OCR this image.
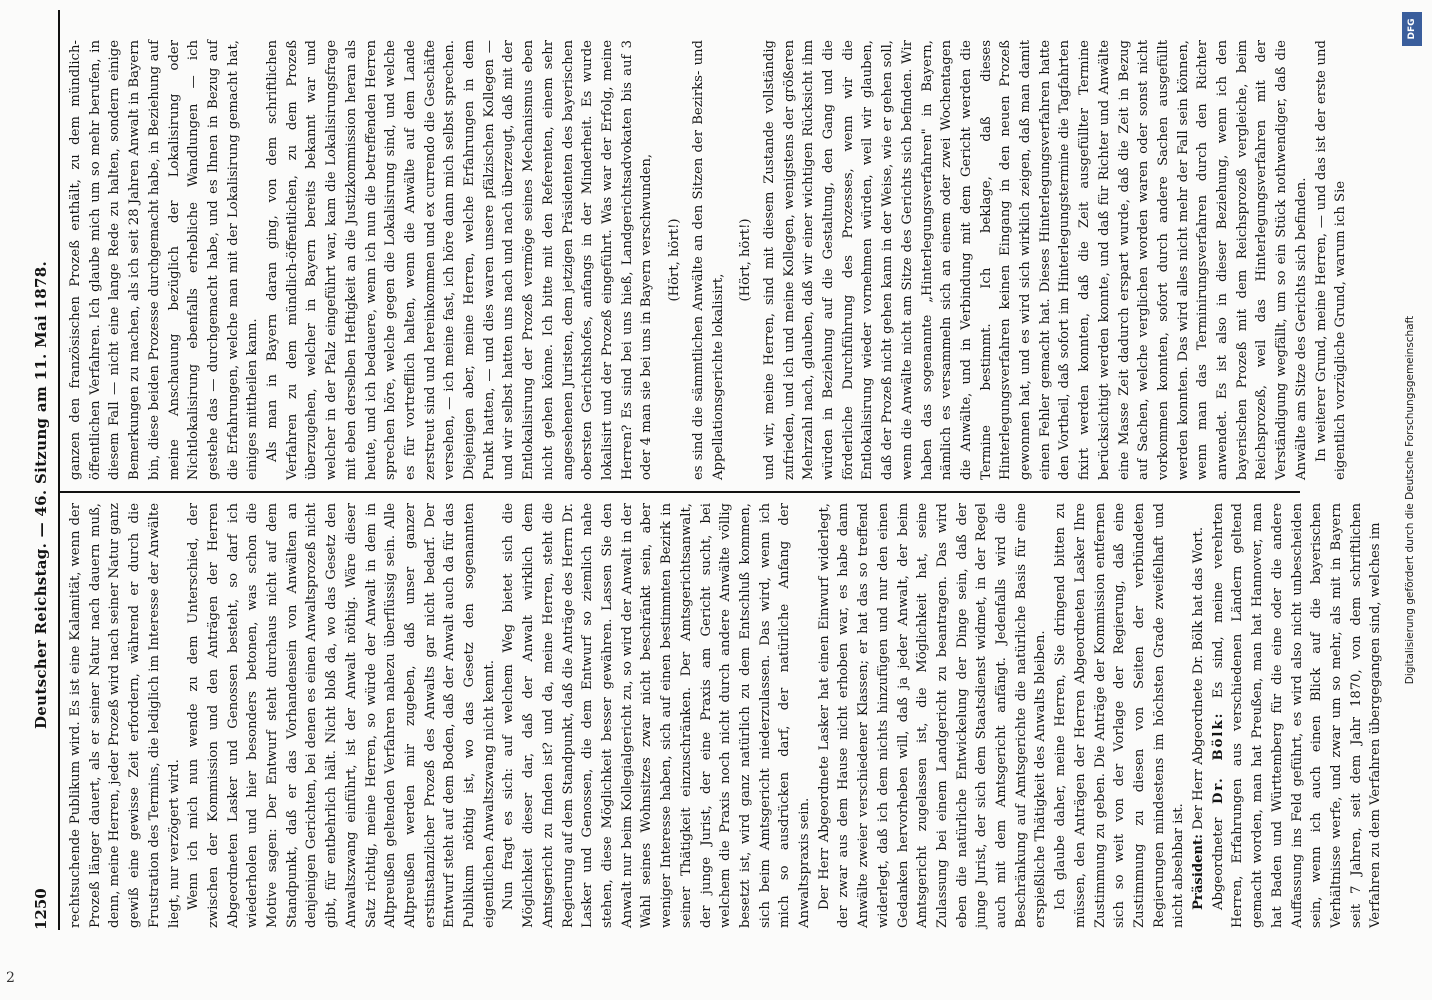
1250
Deutscher Reichstag. — 46. Sitzung am 11. Mai 1878. rechtsuchende Publikum wird. Es ist eine Kalamität, wenn der Prozeß länger dauert, als er seiner Natur nach dauern muß, denn, meine Herren, jeder Prozeß wird nach seiner Natur ganz gewiß eine gewisse Zeit erfordern, während er durch die Frustration des Termins, die lediglich im Interesse der Anwälte liegt, nur verzögert wird. Wenn ich mich nun wende zu dem Unterschied, der zwischen der Kommission und den Anträgen der Herren Abgeordneten Lasker und Genossen besteht, so darf ich wiederholen und hier besonders betonen, was schon die Motive sagen: Der Entwurf steht durchaus nicht auf dem Standpunkt, daß er das Vorhandensein von Anwälten an denjenigen Gerichten, bei denen es einen Anwaltsprozeß nicht gibt, für entbehrlich hält. Nicht bloß da, wo das Gesetz den Anwaltszwang einführt, ist der Anwalt nöthig. Wäre dieser Satz richtig, meine Herren, so würde der Anwalt in dem in Altpreußen geltenden Verfahren nahezu überflüssig sein. Alle Altpreußen werden mir zugeben, daß unser ganzer erstinstanzlicher Prozeß des Anwalts gar nicht bedarf. Der Entwurf steht auf dem Boden, daß der Anwalt auch da für das Publikum nöthig ist, wo das Gesetz den sogenannten eigentlichen Anwaltszwang nicht kennt. Nun fragt es sich: auf welchem Weg bietet sich die Möglichkeit dieser dar, daß der Anwalt wirklich dem Amtsgericht zu finden ist? und da, meine Herren, steht die Regierung auf dem Standpunkt, daß die Anträge des Herrn Dr. Lasker und Genossen, die dem Entwurf so ziemlich nahe stehen, diese Möglichkeit besser gewähren. Lassen Sie den Anwalt nur beim Kollegialgericht zu, so wird der Anwalt in der Wahl seines Wohnsitzes zwar nicht beschränkt sein, aber weniger Interesse haben, sich auf einen bestimmten Bezirk in seiner Thätigkeit einzuschränken. Der Amtsgerichtsanwalt, der junge Jurist, der eine Praxis am Gericht sucht, bei welchem die Praxis noch nicht durch andere Anwälte völlig besetzt ist, wird ganz natürlich zu dem Entschluß kommen, sich beim Amtsgericht niederzulassen. Das wird, wenn ich mich so ausdrücken darf, der natürliche Anfang der Anwaltspraxis sein. Der Herr Abgeordnete Lasker hat einen Einwurf widerlegt, der zwar aus dem Hause nicht erhoben war, es habe dann Anwälte zweier verschiedener Klassen; er hat das so treffend widerlegt, daß ich dem nichts hinzufügen und nur den einen Gedanken hervorheben will, daß ja jeder Anwalt, der beim Amtsgericht zugelassen ist, die Möglichkeit hat, seine Zulassung bei einem Landgericht zu beantragen. Das wird eben die natürliche Entwickelung der Dinge sein, daß der junge Jurist, der sich dem Staatsdienst widmet, in der Regel auch mit dem Amtsgericht anfängt. Jedenfalls wird die Beschränkung auf Amtsgerichte die natürliche Basis für eine erspießliche Thätigkeit des Anwalts bleiben. Ich glaube daher, meine Herren, Sie dringend bitten zu müssen, den Anträgen der Herren Abgeordneten Lasker Ihre Zustimmung zu geben. Die Anträge der Kommission entfernen sich so weit von der Vorlage der Regierung, daß eine Zustimmung zu diesen von Seiten der verbündeten Regierungen mindestens im höchsten Grade zweifelhaft und nicht absehbar ist. Präsident: Der Herr Abgeordnete Dr. Bölk hat das Wort.

Abgeordneter Dr. Bölk: Es sind, meine verehrten Herren, Erfahrungen aus verschiedenen Ländern geltend gemacht worden, man hat Preußen, man hat Hannover, man hat Baden und Württemberg für die eine oder die andere Auffassung ins Feld geführt, es wird also nicht unbescheiden sein, wenn ich auch einen Blick auf die bayerischen Verhältnisse werfe, und zwar um so mehr, als mit in Bayern seit 7 Jahren, seit dem Jahr 1870, von dem schriftlichen Verfahren zu dem Verfahren übergegangen sind, welches im

ganzen den französischen Prozeß enthält, zu dem mündlich-öffentlichen Verfahren. Ich glaube mich um so mehr berufen, in diesem Fall — nicht eine lange Rede zu halten, sondern einige Bemerkungen zu machen, als ich seit 28 Jahren Anwalt in Bayern bin, diese beiden Prozesse durchgemacht habe, in Beziehung auf meine Anschauung bezüglich der Lokalisirung oder Nichtlokalisirung ebenfalls erhebliche Wandlungen — ich gestehe das — durchgemacht habe, und es Ihnen in Bezug auf die Erfahrungen, welche man mit der Lokalisirung gemacht hat, einiges mittheilen kann. Als man in Bayern daran ging, von dem schriftlichen Verfahren zu dem mündlich-öffentlichen, zu dem Prozeß überzugehen, welcher in Bayern bereits bekannt war und welcher in der Pfalz eingeführt war, kam die Lokalisirungsfrage mit eben derselben Heftigkeit an die Justizkommission heran als heute, und ich bedauere, wenn ich nun die betreffenden Herren sprechen höre, welche gegen die Lokalisirung sind, und welche es für vortrefflich halten, wenn die Anwälte auf dem Lande zerstreut sind und hereinkommen und ex currendo die Geschäfte versehen, — ich meine fast, ich höre dann mich selbst sprechen. Diejenigen aber, meine Herren, welche Erfahrungen in dem Punkt hatten, — und dies waren unsere pfälzischen Kollegen — und wir selbst hatten uns nach und nach überzeugt, daß mit der Entlokalisirung der Prozeß vermöge seines Mechanismus eben nicht gehen könne. Ich bitte mit den Referenten, einem sehr angesehenen Juristen, dem jetzigen Präsidenten des bayerischen obersten Gerichtshofes, anfangs in der Minderheit. Es wurde lokalisirt und der Prozeß eingeführt. Was war der Erfolg, meine Herren? Es sind bei uns hieß, Landgerichtsadvokaten bis auf 3 oder 4 man sie bei uns in Bayern verschwunden, (Hört, hört!) es sind die sämmtlichen Anwälte an den Sitzen der Bezirks- und Appellationsgerichte lokalisirt,

(Hört, hört!) und wir, meine Herren, sind mit diesem Zustande vollständig zufrieden, und ich und meine Kollegen, wenigstens der größeren Mehrzahl nach, glauben, daß wir einer wichtigen Rücksicht ihm würden in Beziehung auf die Gestaltung, den Gang und die förderliche Durchführung des Prozesses, wenn wir die Entlokalisirung wieder vornehmen würden, weil wir glauben, daß der Prozeß nicht gehen kann in der Weise, wie er gehen soll, wenn die Anwälte nicht am Sitze des Gerichts sich befinden. Wir haben das sogenannte „Hinterlegungsverfahren" in Bayern, nämlich es versammeln sich an einem oder zwei Wochentagen die Anwälte, und in Verbindung mit dem Gericht werden die Termine bestimmt. Ich beklage, daß dieses Hinterlegungsverfahren keinen Eingang in den neuen Prozeß gewonnen hat, und es wird sich wirklich zeigen, daß man damit einen Fehler gemacht hat. Dieses Hinterlegungsverfahren hatte den Vortheil, daß sofort im Hinterlegungstermine die Tagfahrten fixirt werden konnten, daß die Zeit ausgefüllter Termine berücksichtigt werden konnte, und daß für Richter und Anwälte eine Masse Zeit dadurch erspart wurde, daß die Zeit in Bezug auf Sachen, welche verglichen worden waren oder sonst nicht vorkommen konnten, sofort durch andere Sachen ausgefüllt werden konnten. Das wird alles nicht mehr der Fall sein können, wenn man das Terminirungsverfahren durch den Richter anwendet. Es ist also in dieser Beziehung, wenn ich den bayerischen Prozeß mit dem Reichsprozeß vergleiche, beim Reichsprozeß, weil das Hinterlegungsverfahren mit der Verständigung wegfällt, um so ein Stück nothwendiger, daß die Anwälte am Sitze des Gerichts sich befinden. In weiterer Grund, meine Herren, — und das ist der erste und eigentlich vorzügliche Grund, warum ich Sie

DFG
Digitalisierung gefördert durch die Deutsche Forschungsgemeinschaft
2
